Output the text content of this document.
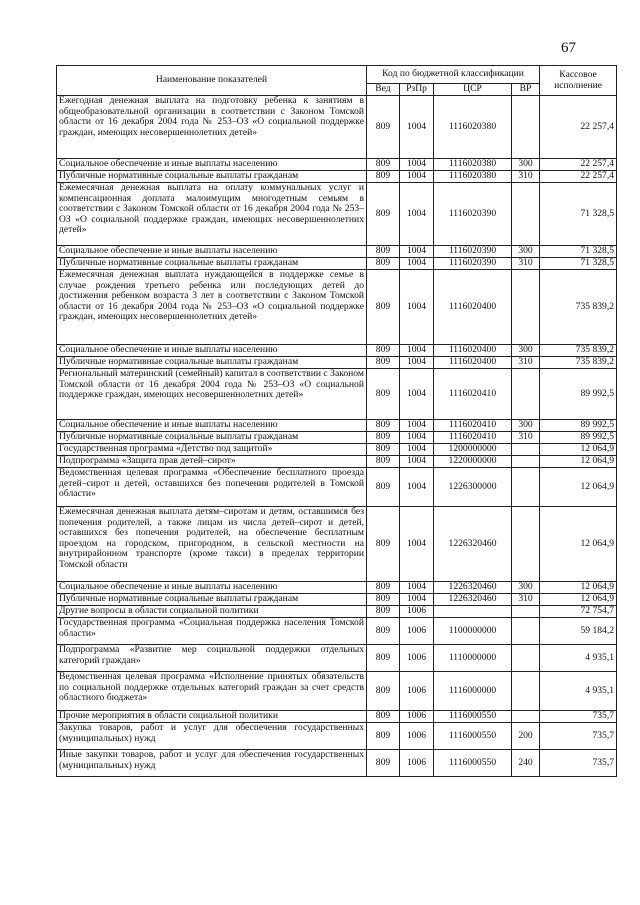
67
Наименование показателей	Код по бюджетной классификации				Кассовое исполнение
	Вед	РзПр	ЦСР	ВР	
Ежегодная денежная выплата на подготовку ребенка к занятиям в общеобразовательной организации в соответствии с Законом Томской области от 16 декабря 2004 года № 253–ОЗ «О социальной поддержке граждан, имеющих несовершеннолетних детей»	809	1004	1116020380		22 257,4
Социальное обеспечение и иные выплаты населению	809	1004	1116020380	300	22 257,4
Публичные нормативные социальные выплаты гражданам	809	1004	1116020380	310	22 257,4
Ежемесячная денежная выплата на оплату коммунальных услуг и компенсационная доплата малоимущим многодетным семьям в соответствии с Законом Томской области от 16 декабря 2004 года № 253–ОЗ «О социальной поддержке граждан, имеющих несовершеннолетних детей»	809	1004	1116020390		71 328,5
Социальное обеспечение и иные выплаты населению	809	1004	1116020390	300	71 328,5
Публичные нормативные социальные выплаты гражданам	809	1004	1116020390	310	71 328,5
Ежемесячная денежная выплата нуждающейся в поддержке семье в случае рождения третьего ребенка или последующих детей до достижения ребенком возраста 3 лет в соответствии с Законом Томской области от 16 декабря 2004 года № 253–ОЗ «О социальной поддержке граждан, имеющих несовершеннолетних детей»	809	1004	1116020400		735 839,2
Социальное обеспечение и иные выплаты населению	809	1004	1116020400	300	735 839,2
Публичные нормативные социальные выплаты гражданам	809	1004	1116020400	310	735 839,2
Региональный материнский (семейный) капитал в соответствии с Законом Томской области от 16 декабря 2004 года № 253–ОЗ «О социальной поддержке граждан, имеющих несовершеннолетних детей»	809	1004	1116020410		89 992,5
Социальное обеспечение и иные выплаты населению	809	1004	1116020410	300	89 992,5
Публичные нормативные социальные выплаты гражданам	809	1004	1116020410	310	89 992,5
Государственная программа «Детство под защитой»	809	1004	1200000000		12 064,9
Подпрограмма «Защита прав детей–сирот»	809	1004	1220000000		12 064,9
Ведомственная целевая программа «Обеспечение бесплатного проезда детей–сирот и детей, оставшихся без попечения родителей в Томской области»	809	1004	1226300000		12 064,9
Ежемесячная денежная выплата детям–сиротам и детям, оставшимся без попечения родителей, а также лицам из числа детей–сирот и детей, оставшихся без попечения родителей, на обеспечение бесплатным проездом на городском, пригородном, в сельской местности на внутрирайонном транспорте (кроме такси) в пределах территории Томской области	809	1004	1226320460		12 064,9
Социальное обеспечение и иные выплаты населению	809	1004	1226320460	300	12 064,9
Публичные нормативные социальные выплаты гражданам	809	1004	1226320460	310	12 064,9
Другие вопросы в области социальной политики	809	1006			72 754,7
Государственная программа «Социальная поддержка населения Томской области»	809	1006	1100000000		59 184,2
Подпрограмма «Развитие мер социальной поддержки отдельных категорий граждан»	809	1006	1110000000		4 935,1
Ведомственная целевая программа «Исполнение принятых обязательств по социальной поддержке отдельных категорий граждан за счет средств областного бюджета»	809	1006	1116000000		4 935,1
Прочие мероприятия в области социальной политики	809	1006	1116000550		735,7
Закупка товаров, работ и услуг для обеспечения государственных (муниципальных) нужд	809	1006	1116000550	200	735,7
Иные закупки товаров, работ и услуг для обеспечения государственных (муниципальных) нужд	809	1006	1116000550	240	735,7
